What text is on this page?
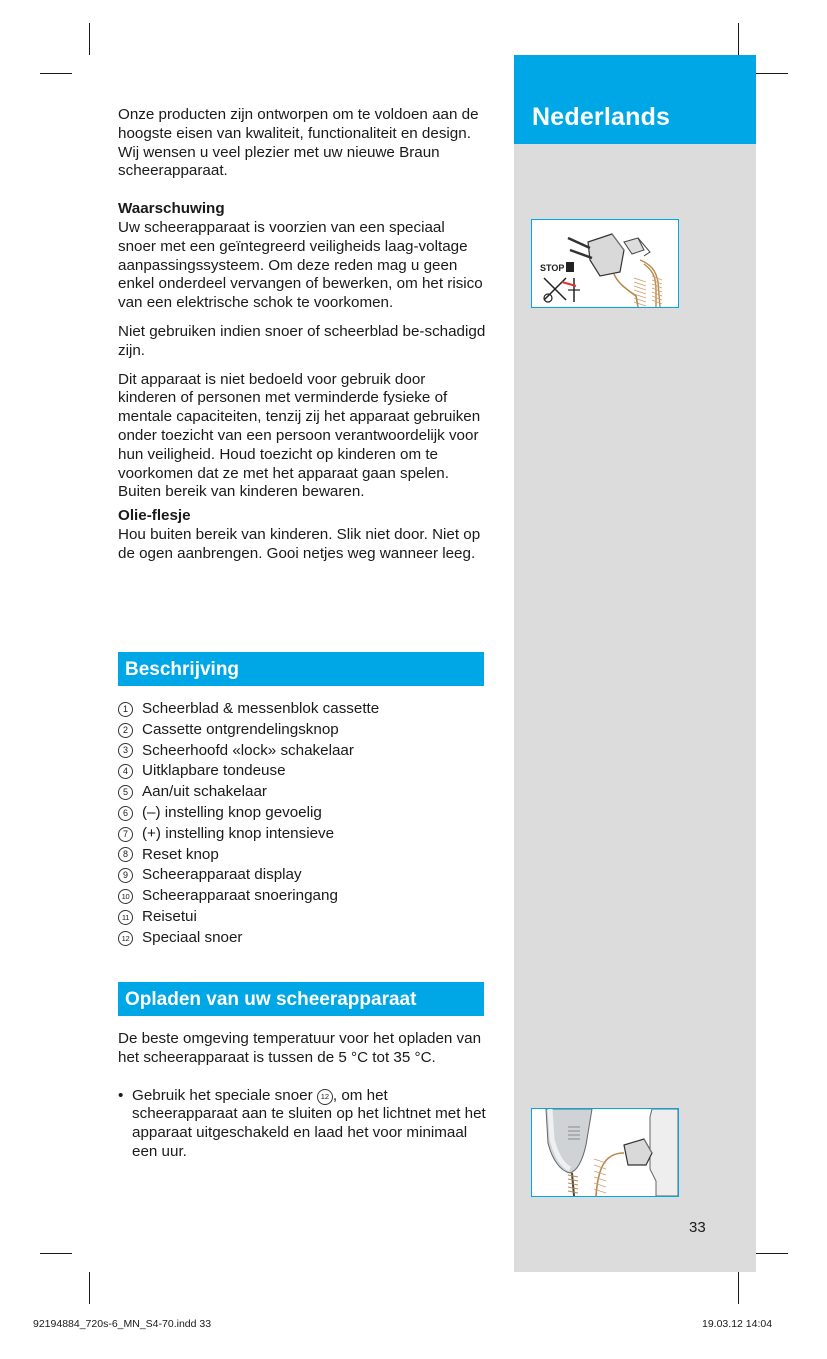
Nederlands
STOP
33

Onze producten zijn ontworpen om te voldoen aan de hoogste eisen van kwaliteit, functionaliteit en design. Wij wensen u veel plezier met uw nieuwe Braun scheerapparaat.

Waarschuwing
Uw scheerapparaat is voorzien van een speciaal snoer met een geïntegreerd veiligheids laag-voltage aanpassingssysteem. Om deze reden mag u geen enkel onderdeel vervangen of bewerken, om het risico van een elektrische schok te voorkomen.

Niet gebruiken indien snoer of scheerblad be-schadigd zijn.

Dit apparaat is niet bedoeld voor gebruik door kinderen of personen met verminderde fysieke of mentale capaciteiten, tenzij zij het apparaat gebruiken onder toezicht van een persoon verantwoordelijk voor hun veiligheid. Houd toezicht op kinderen om te voorkomen dat ze met het apparaat gaan spelen. Buiten bereik van kinderen bewaren.

Olie-flesje
Hou buiten bereik van kinderen. Slik niet door. Niet op de ogen aanbrengen. Gooi netjes weg wanneer leeg.

Beschrijving
1 Scheerblad & messenblok cassette
2 Cassette ontgrendelingsknop
3 Scheerhoofd «lock» schakelaar
4 Uitklapbare tondeuse
5 Aan/uit schakelaar
6 (–) instelling knop gevoelig
7 (+) instelling knop intensieve
8 Reset knop
9 Scheerapparaat display
10 Scheerapparaat snoeringang
11 Reisetui
12 Speciaal snoer
Opladen van uw scheerapparaat

De beste omgeving temperatuur voor het opladen van het scheerapparaat is tussen de 5 °C tot 35 °C.

• Gebruik het speciale snoer 12 , om het scheerapparaat aan te sluiten op het lichtnet met het apparaat uitgeschakeld en laad het voor minimaal een uur.

92194884_720s-6_MN_S4-70.indd 33	19.03.12 14:04
